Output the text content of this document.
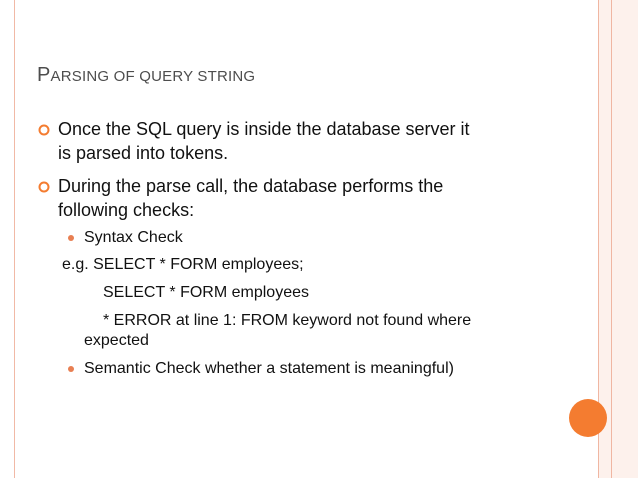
PARSING OF QUERY STRING
Once the SQL query is inside the database server it
is parsed into tokens.
During the parse call, the database performs the
following checks:
Syntax Check
e.g. SELECT * FORM employees;
SELECT * FORM employees
* ERROR at line 1: FROM keyword not found where
expected
Semantic Check whether a statement is meaningful)
